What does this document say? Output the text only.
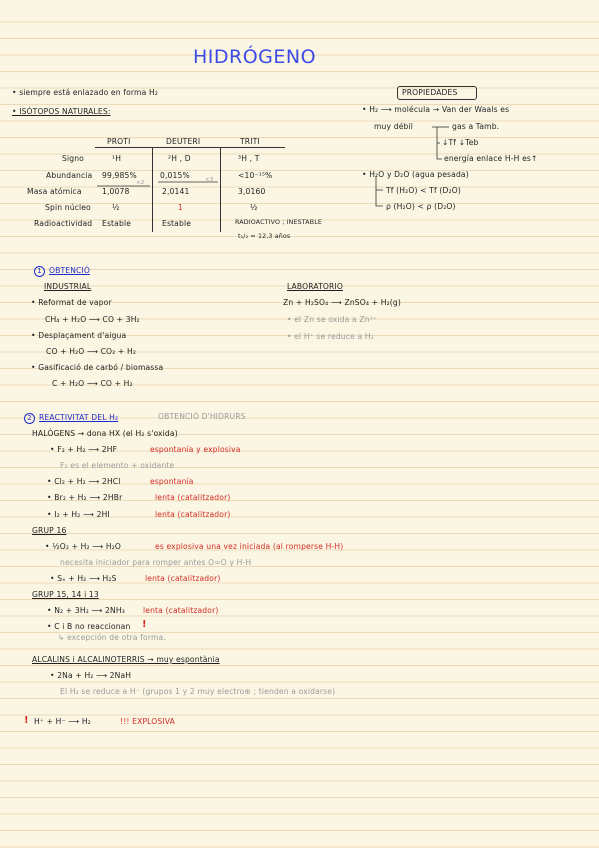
HIDRÓGENO
• siempre está enlazado en forma H₂
• ISÓTOPOS NATURALES:
PROTI	DEUTERI	TRITI
Signo	¹H	²H , D	³H , T
Abundancia 99,985%	0,015%	<10⁻¹⁵%
Masa atómica	1,0078	2,0141	3,0160
×2	×3
Spin núcleo	½	1	½
Radioactividad Estable	Estable	RADIOACTIVO ; INESTABLE
t₁/₂ = 12,3 años
PROPIEDADES
• H₂ ⟶ molécula → Van der Waals es
muy débil	gas a Tamb.
↓Tf ↓Teb
energía enlace H-H es↑
• H₂O y D₂O (agua pesada)
Tf (H₂O) < Tf (D₂O)
ρ (H₂O) < ρ (D₂O)
1 OBTENCIÓ
INDUSTRIAL
• Reformat de vapor
CH₄ + H₂O ⟶ CO + 3H₂
• Desplaçament d'aigua
CO + H₂O ⟶ CO₂ + H₂
• Gasificació de carbó / biomassa
C + H₂O ⟶ CO + H₂
LABORATORIO
Zn + H₂SO₄ ⟶ ZnSO₄ + H₂(g)
• el Zn se oxida a Zn²⁺
• el H⁺ se reduce a H₂
2 REACTIVITAT DEL H₂	OBTENCIÓ D'HIDRURS
HALÒGENS → dona HX (el H₂ s'oxida)
• F₂ + H₂ ⟶ 2HF	espontanía y explosiva
F₂ es el elemento + oxidante
• Cl₂ + H₂ ⟶ 2HCl	espontanía
• Br₂ + H₂ ⟶ 2HBr	lenta (catalitzador)
• I₂ + H₂ ⟶ 2HI	lenta (catalitzador)
GRUP 16
• ½O₂ + H₂ ⟶ H₂O	es explosiva una vez iniciada (al romperse H-H)
necesita iniciador para romper antes O=O y H-H
• Sₓ + H₂ ⟶ H₂S	lenta (catalitzador)
GRUP 15, 14 i 13
• N₂ + 3H₂ ⟶ 2NH₃ lenta (catalitzador)
• C i B no reaccionan !
↳ excepción de otra forma.
ALCALINS i ALCALINOTERRIS → muy espontània
• 2Na + H₂ ⟶ 2NaH
El H₂ se reduce a H⁻ (grupos 1 y 2 muy electro⊕ ; tienden a oxidarse)
! H⁺ + H⁻ ⟶ H₂	!!! EXPLOSIVA
